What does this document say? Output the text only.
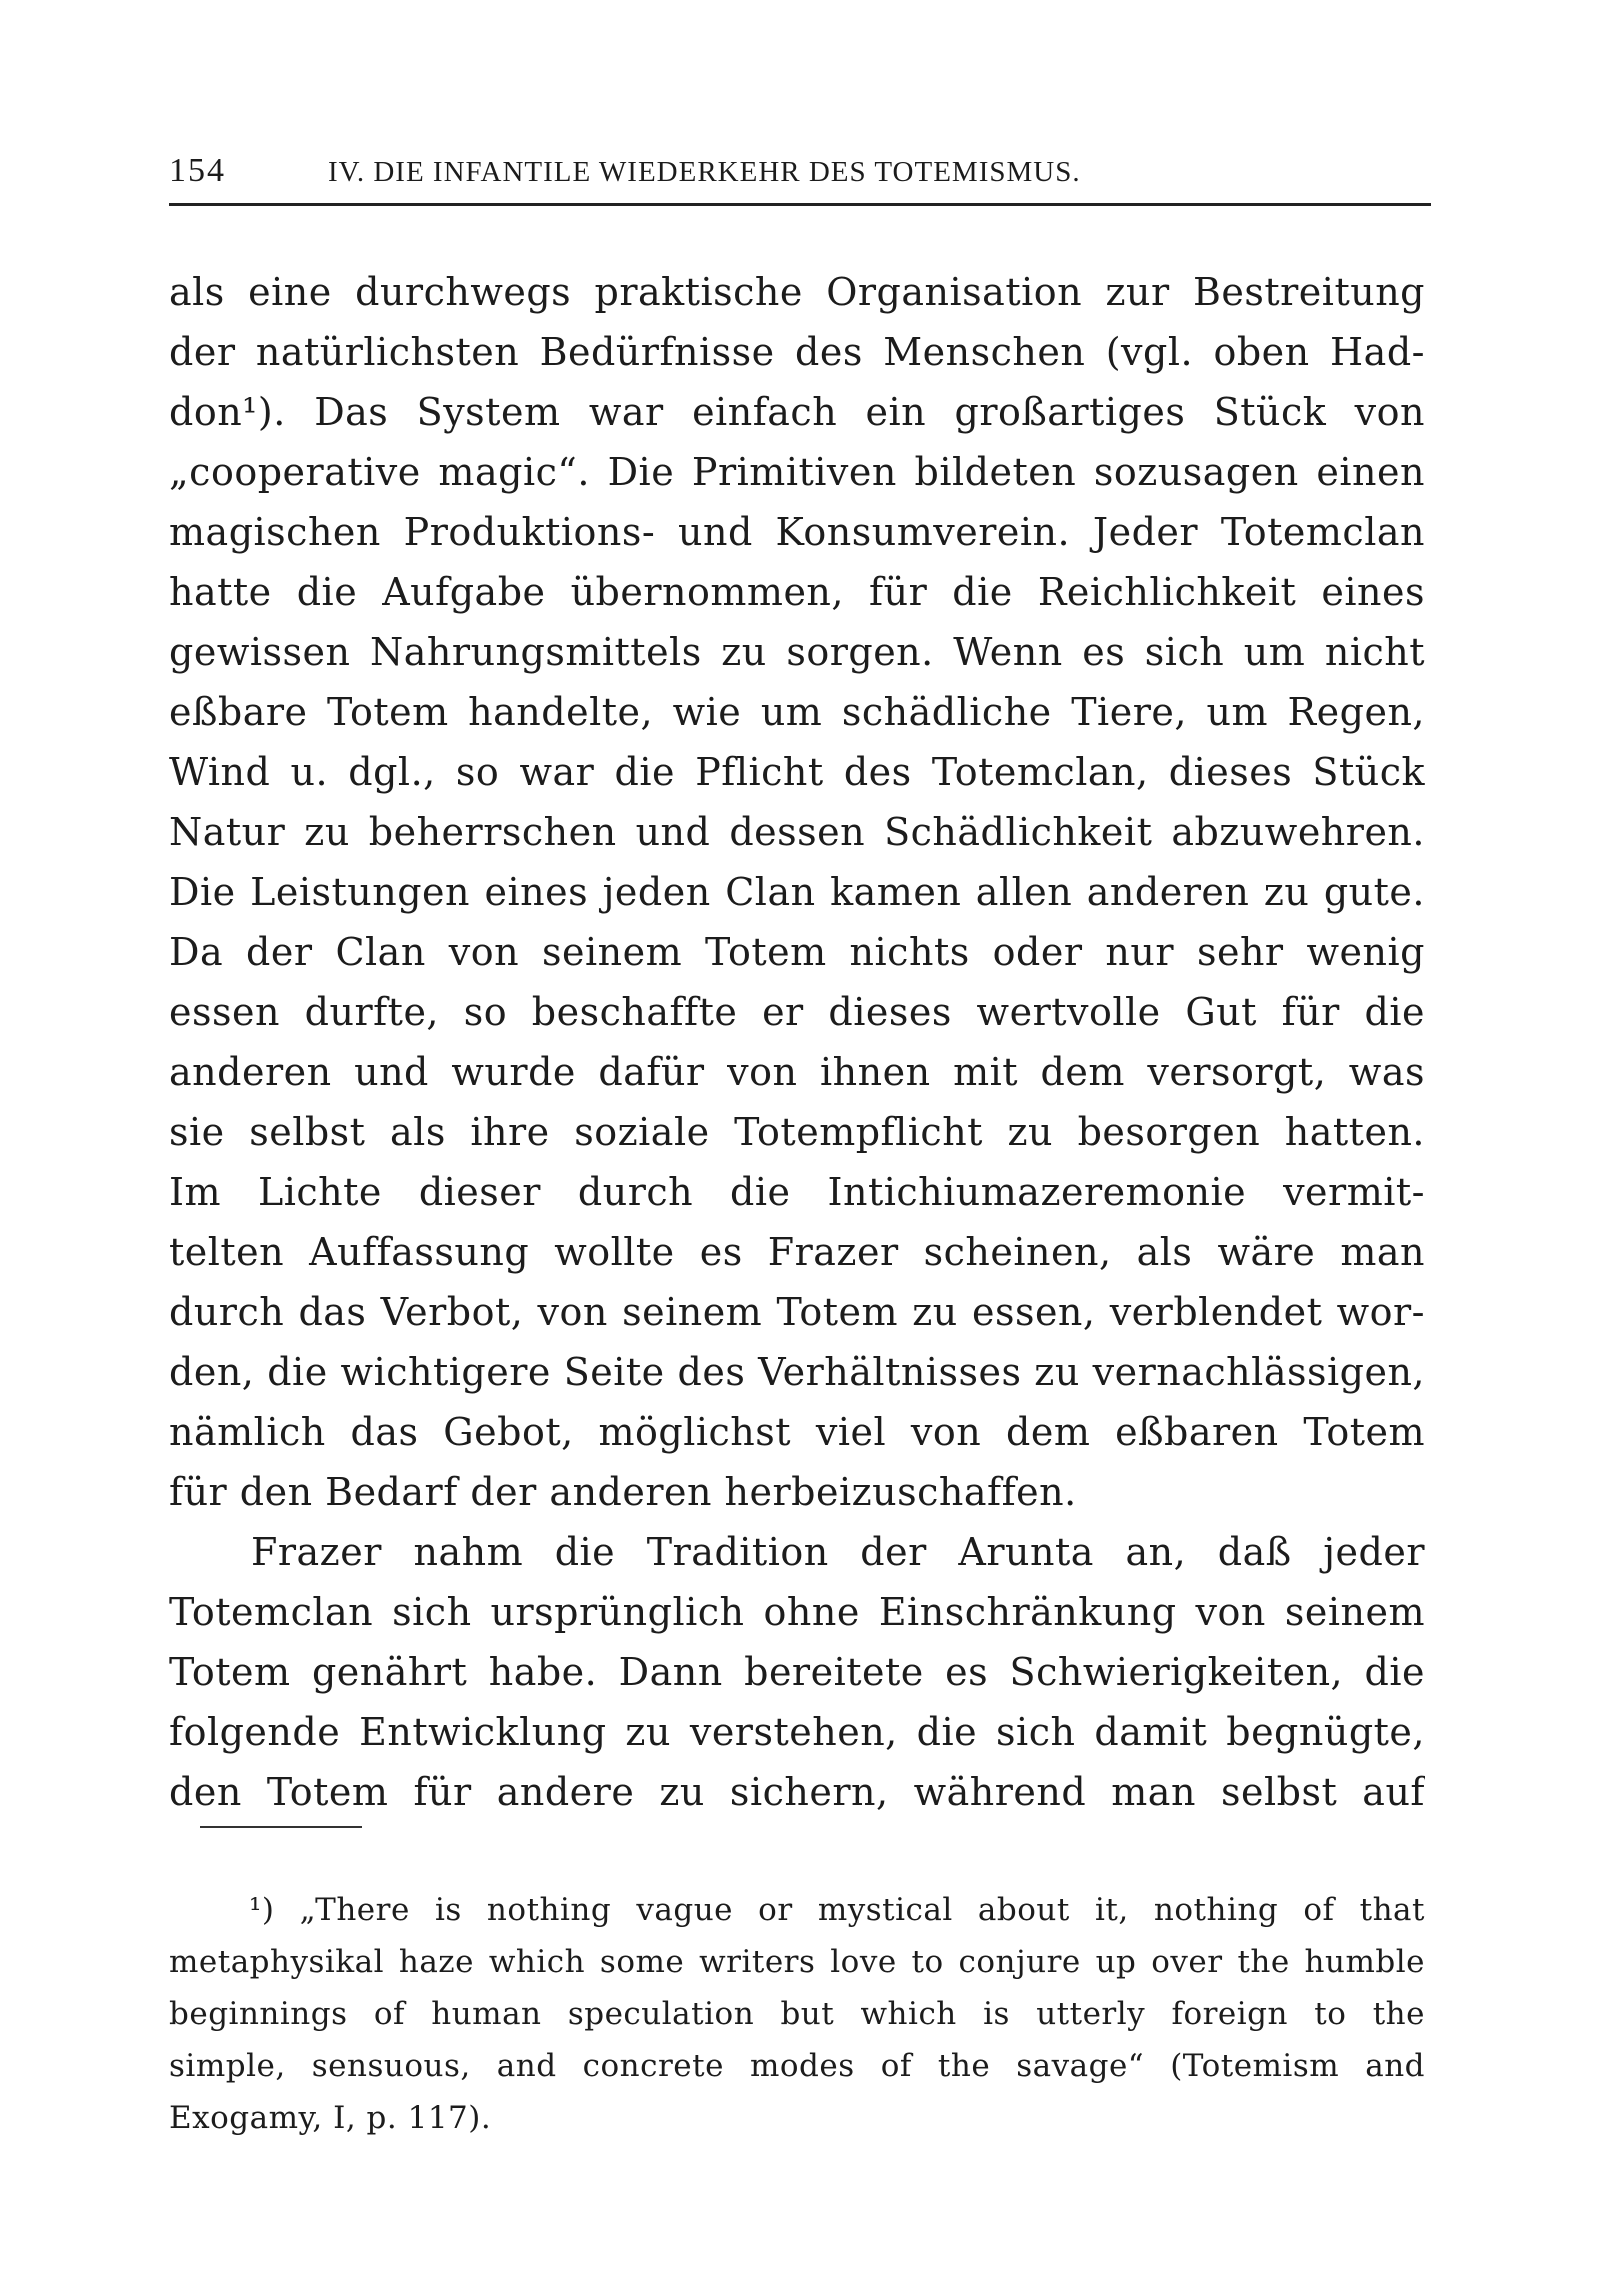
154	IV. DIE INFANTILE WIEDERKEHR DES TOTEMISMUS.
als eine durchwegs praktische Organisation zur Bestreitung
der natürlichsten Bedürfnisse des Menschen (vgl. oben Had-
don¹). Das System war einfach ein großartiges Stück von
„cooperative magic“. Die Primitiven bildeten sozusagen einen
magischen Produktions- und Konsumverein. Jeder Totemclan
hatte die Aufgabe übernommen, für die Reichlichkeit eines
gewissen Nahrungsmittels zu sorgen. Wenn es sich um nicht
eßbare Totem handelte, wie um schädliche Tiere, um Regen,
Wind u. dgl., so war die Pflicht des Totemclan, dieses Stück
Natur zu beherrschen und dessen Schädlichkeit abzuwehren.
Die Leistungen eines jeden Clan kamen allen anderen zu gute.
Da der Clan von seinem Totem nichts oder nur sehr wenig
essen durfte, so beschaffte er dieses wertvolle Gut für die
anderen und wurde dafür von ihnen mit dem versorgt, was
sie selbst als ihre soziale Totempflicht zu besorgen hatten.
Im Lichte dieser durch die Intichiumazeremonie vermit-
telten Auffassung wollte es Frazer scheinen, als wäre man
durch das Verbot, von seinem Totem zu essen, verblendet wor-
den, die wichtigere Seite des Verhältnisses zu vernachlässigen,
nämlich das Gebot, möglichst viel von dem eßbaren Totem
für den Bedarf der anderen herbeizuschaffen.
Frazer nahm die Tradition der Arunta an, daß jeder
Totemclan sich ursprünglich ohne Einschränkung von seinem
Totem genährt habe. Dann bereitete es Schwierigkeiten, die
folgende Entwicklung zu verstehen, die sich damit begnügte,
den Totem für andere zu sichern, während man selbst auf
¹) „There is nothing vague or mystical about it, nothing of that
metaphysikal haze which some writers love to conjure up over the humble
beginnings of human speculation but which is utterly foreign to the
simple, sensuous, and concrete modes of the savage“ (Totemism and
Exogamy, I, p. 117).
